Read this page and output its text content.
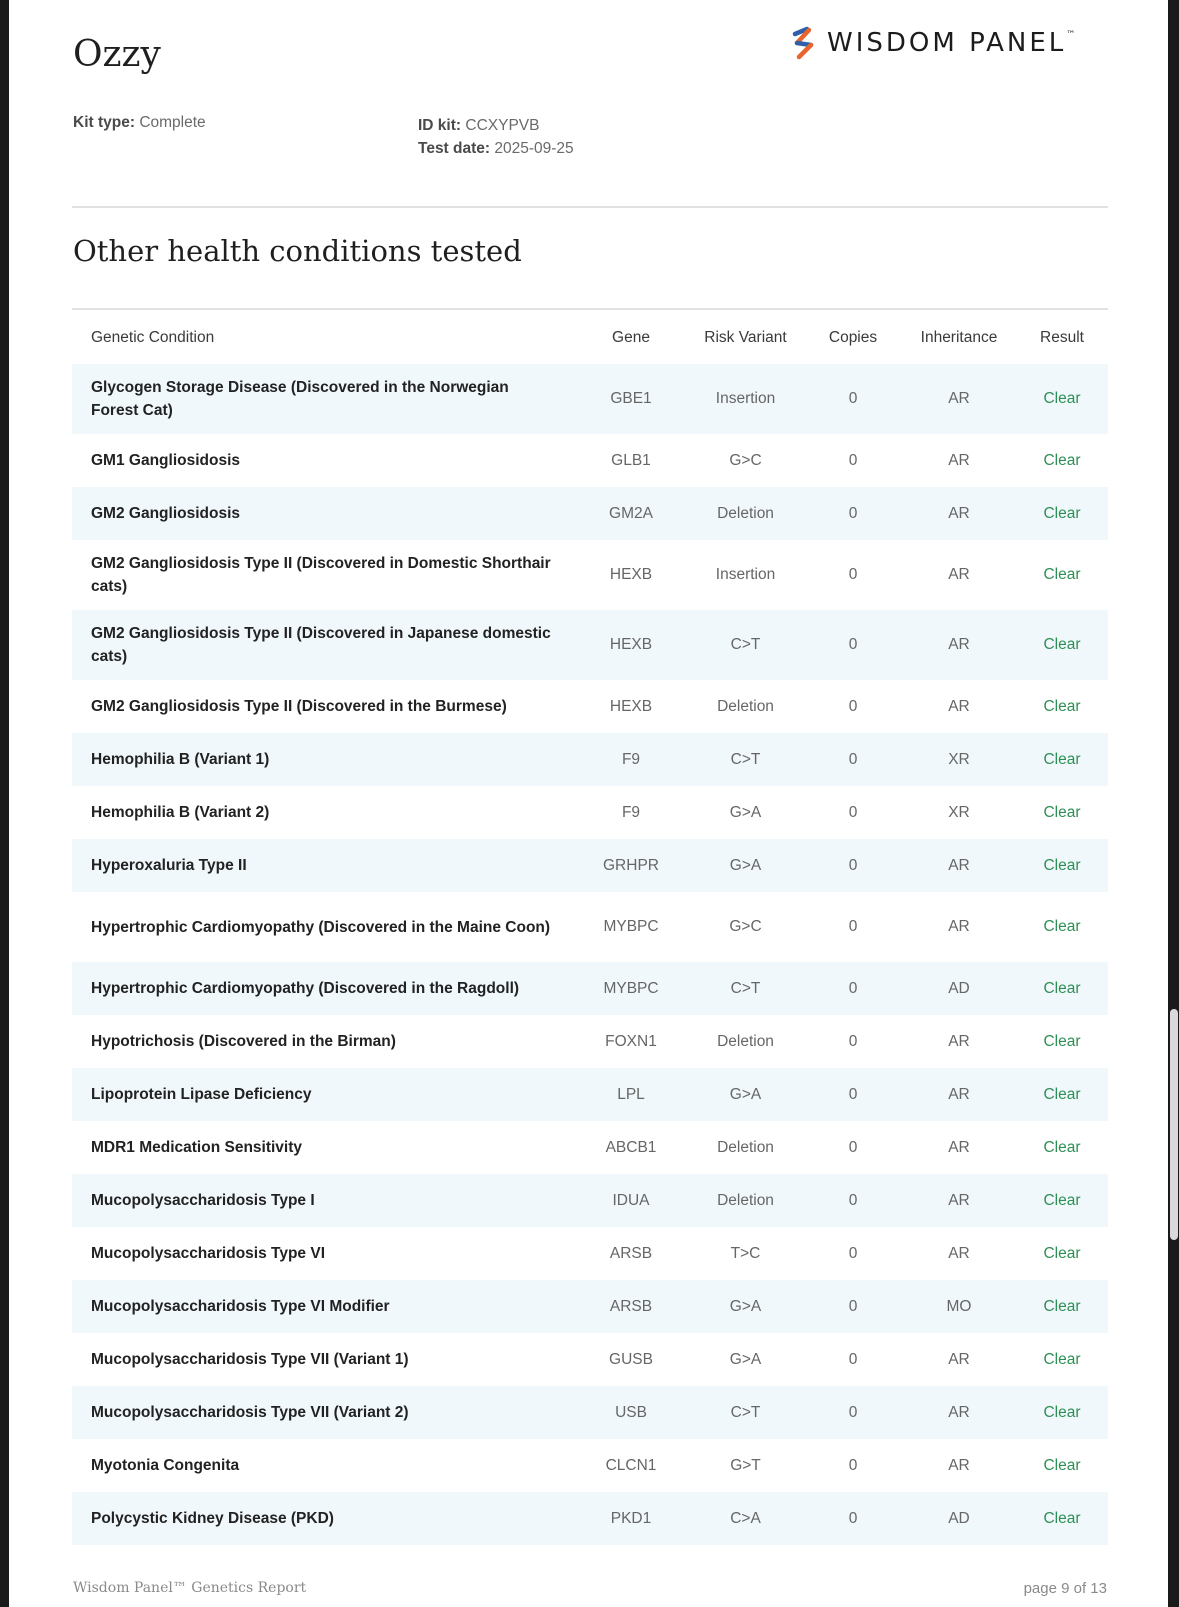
Ozzy	WISDOM PANEL™
Kit type: Complete	ID kit: CCXYPVB
Test date: 2025-09-25
Other health conditions tested
Genetic Condition	Gene	Risk Variant	Copies	Inheritance	Result
Glycogen Storage Disease (Discovered in the Norwegian Forest Cat)	GBE1	Insertion	0	AR	Clear
GM1 Gangliosidosis	GLB1	G>C	0	AR	Clear
GM2 Gangliosidosis	GM2A	Deletion	0	AR	Clear
GM2 Gangliosidosis Type II (Discovered in Domestic Shorthair cats)	HEXB	Insertion	0	AR	Clear
GM2 Gangliosidosis Type II (Discovered in Japanese domestic cats)	HEXB	C>T	0	AR	Clear
GM2 Gangliosidosis Type II (Discovered in the Burmese)	HEXB	Deletion	0	AR	Clear
Hemophilia B (Variant 1)	F9	C>T	0	XR	Clear
Hemophilia B (Variant 2)	F9	G>A	0	XR	Clear
Hyperoxaluria Type II	GRHPR	G>A	0	AR	Clear
Hypertrophic Cardiomyopathy (Discovered in the Maine Coon)	MYBPC	G>C	0	AR	Clear
Hypertrophic Cardiomyopathy (Discovered in the Ragdoll)	MYBPC	C>T	0	AD	Clear
Hypotrichosis (Discovered in the Birman)	FOXN1	Deletion	0	AR	Clear
Lipoprotein Lipase Deficiency	LPL	G>A	0	AR	Clear
MDR1 Medication Sensitivity	ABCB1	Deletion	0	AR	Clear
Mucopolysaccharidosis Type I	IDUA	Deletion	0	AR	Clear
Mucopolysaccharidosis Type VI	ARSB	T>C	0	AR	Clear
Mucopolysaccharidosis Type VI Modifier	ARSB	G>A	0	MO	Clear
Mucopolysaccharidosis Type VII (Variant 1)	GUSB	G>A	0	AR	Clear
Mucopolysaccharidosis Type VII (Variant 2)	USB	C>T	0	AR	Clear
Myotonia Congenita	CLCN1	G>T	0	AR	Clear
Polycystic Kidney Disease (PKD)	PKD1	C>A	0	AD	Clear
Wisdom Panel™ Genetics Report	page 9 of 13
